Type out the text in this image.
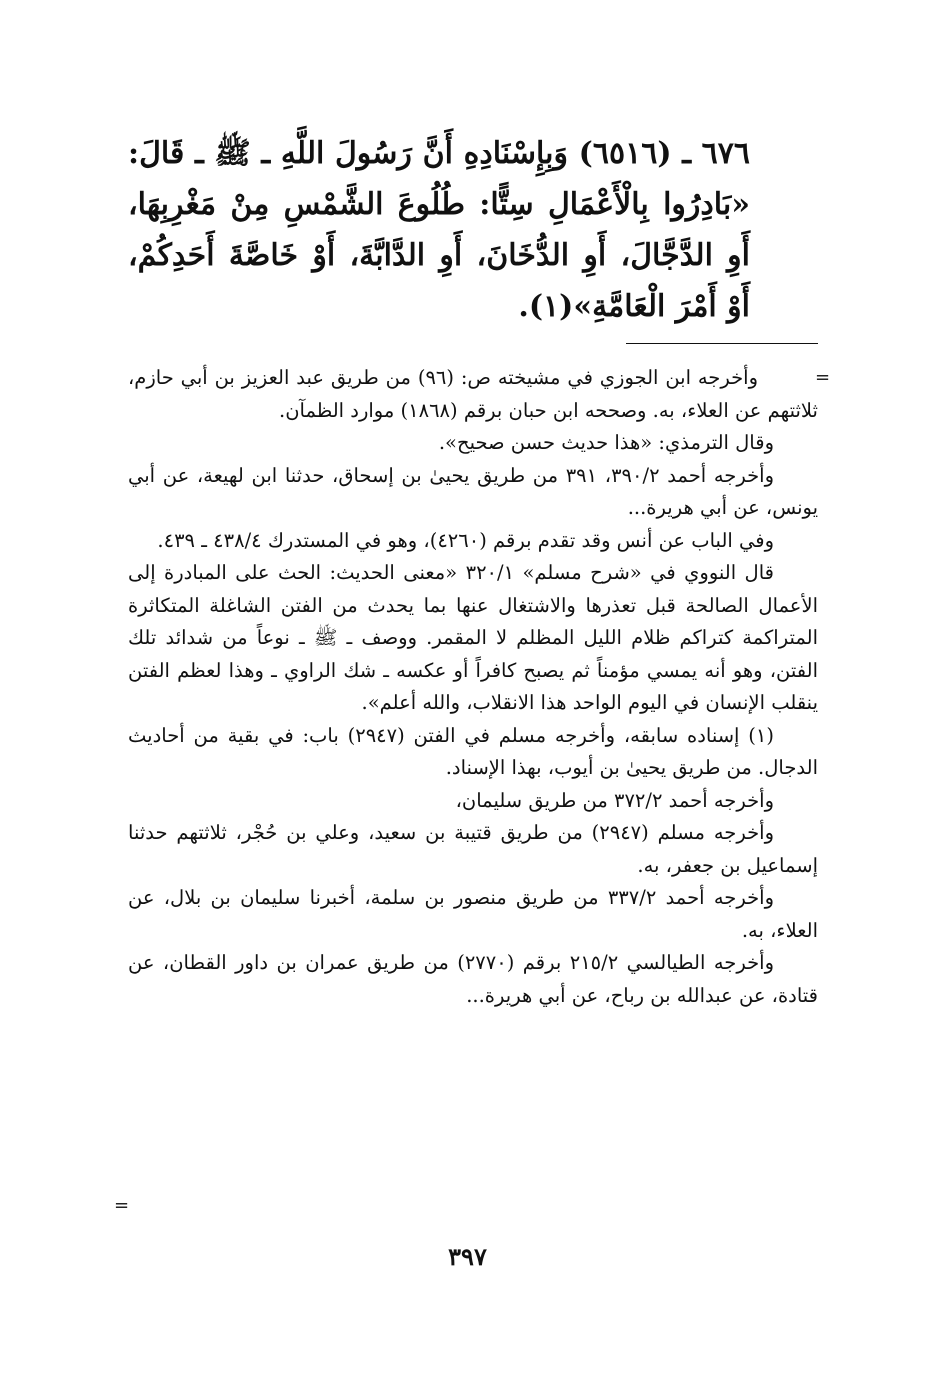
٦٧٦ ـ (٦٥١٦) وَبِإِسْنَادِهِ أَنَّ رَسُولَ اللَّهِ ـ ﷺ ـ قَالَ: «بَادِرُوا بِالْأَعْمَالِ سِتًّا: طُلُوعَ الشَّمْسِ مِنْ مَغْرِبِهَا، أَوِ الدَّجَّالَ، أَوِ الدُّخَانَ، أَوِ الدَّابَّةَ، أَوْ خَاصَّةَ أَحَدِكُمْ، أَوْ أَمْرَ الْعَامَّةِ»(١).
=

وأخرجه ابن الجوزي في مشيخته ص: (٩٦) من طريق عبد العزيز بن أبي حازم، ثلاثتهم عن العلاء، به. وصححه ابن حبان برقم (١٨٦٨) موارد الظمآن.

وقال الترمذي: «هذا حديث حسن صحيح».

وأخرجه أحمد ٣٩٠/٢، ٣٩١ من طريق يحيىٰ بن إسحاق، حدثنا ابن لهيعة، عن أبي يونس، عن أبي هريرة...

وفي الباب عن أنس وقد تقدم برقم (٤٢٦٠)، وهو في المستدرك ٤٣٨/٤ ـ ٤٣٩.

قال النووي في «شرح مسلم» ٣٢٠/١ «معنى الحديث: الحث على المبادرة إلى الأعمال الصالحة قبل تعذرها والاشتغال عنها بما يحدث من الفتن الشاغلة المتكاثرة المتراكمة كتراكم ظلام الليل المظلم لا المقمر. ووصف ـ ﷺ ـ نوعاً من شدائد تلك الفتن، وهو أنه يمسي مؤمناً ثم يصبح كافراً أو عكسه ـ شك الراوي ـ وهذا لعظم الفتن ينقلب الإنسان في اليوم الواحد هذا الانقلاب، والله أعلم».

(١) إسناده سابقه، وأخرجه مسلم في الفتن (٢٩٤٧) باب: في بقية من أحاديث الدجال. من طريق يحيىٰ بن أيوب، بهذا الإسناد.

وأخرجه أحمد ٣٧٢/٢ من طريق سليمان،

وأخرجه مسلم (٢٩٤٧) من طريق قتيبة بن سعيد، وعلي بن حُجْر، ثلاثتهم حدثنا إسماعيل بن جعفر، به.

وأخرجه أحمد ٣٣٧/٢ من طريق منصور بن سلمة، أخبرنا سليمان بن بلال، عن العلاء، به.

وأخرجه الطيالسي ٢١٥/٢ برقم (٢٧٧٠) من طريق عمران بن داور القطان، عن قتادة، عن عبدالله بن رباح، عن أبي هريرة...

=
٣٩٧
